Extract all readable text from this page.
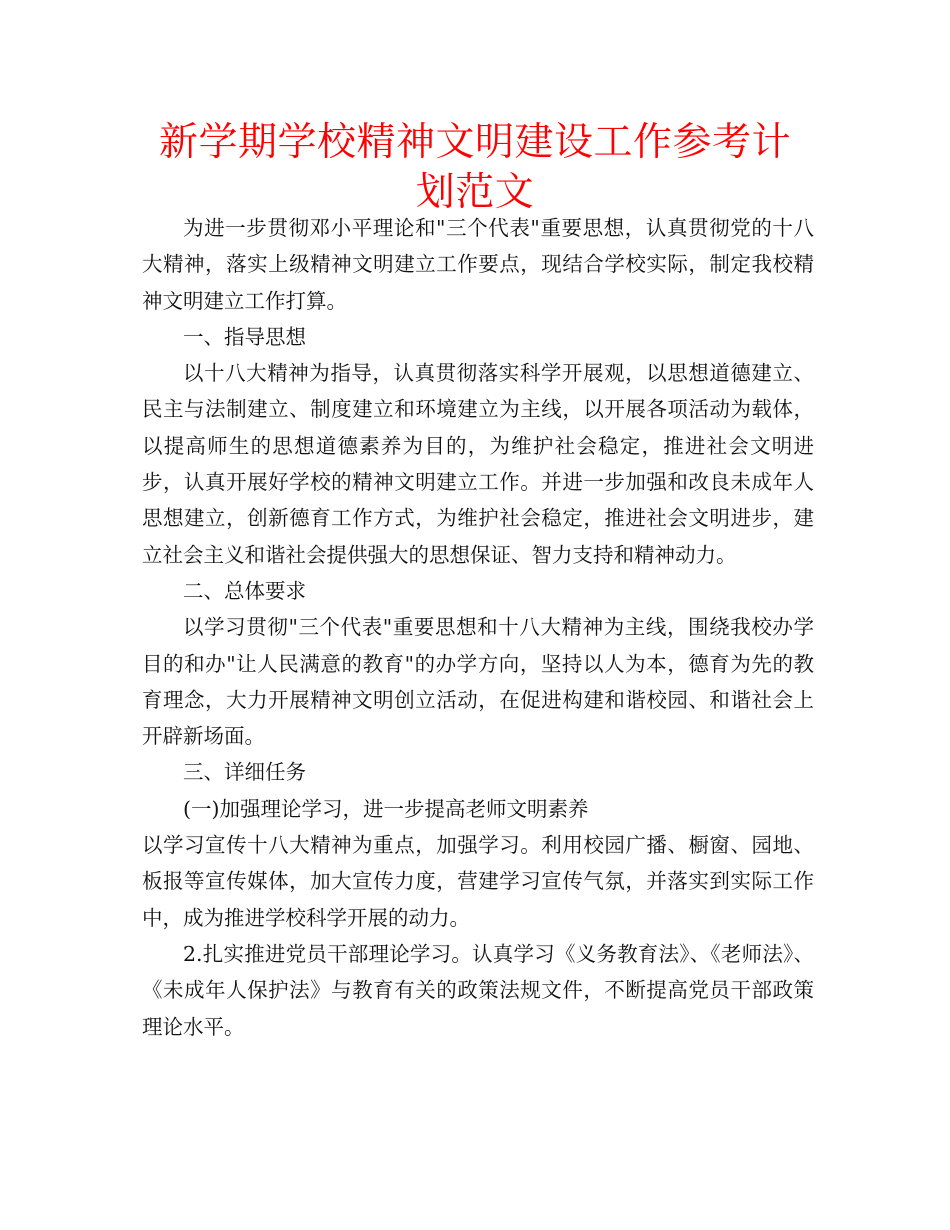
新学期学校精神文明建设工作参考计划范文

为进一步贯彻邓小平理论和"三个代表"重要思想，认真贯彻党的十八大精神，落实上级精神文明建立工作要点，现结合学校实际，制定我校精神文明建立工作打算。

一、指导思想

以十八大精神为指导，认真贯彻落实科学开展观，以思想道德建立、民主与法制建立、制度建立和环境建立为主线，以开展各项活动为载体，以提高师生的思想道德素养为目的，为维护社会稳定，推进社会文明进步，认真开展好学校的精神文明建立工作。并进一步加强和改良未成年人思想建立，创新德育工作方式，为维护社会稳定，推进社会文明进步，建立社会主义和谐社会提供强大的思想保证、智力支持和精神动力。

二、总体要求

以学习贯彻"三个代表"重要思想和十八大精神为主线，围绕我校办学目的和办"让人民满意的教育"的办学方向，坚持以人为本，德育为先的教育理念，大力开展精神文明创立活动，在促进构建和谐校园、和谐社会上开辟新场面。

三、详细任务

(一)加强理论学习，进一步提高老师文明素养

以学习宣传十八大精神为重点，加强学习。利用校园广播、橱窗、园地、板报等宣传媒体，加大宣传力度，营建学习宣传气氛，并落实到实际工作中，成为推进学校科学开展的动力。

2.扎实推进党员干部理论学习。认真学习《义务教育法》、《老师法》、《未成年人保护法》与教育有关的政策法规文件，不断提高党员干部政策理论水平。
